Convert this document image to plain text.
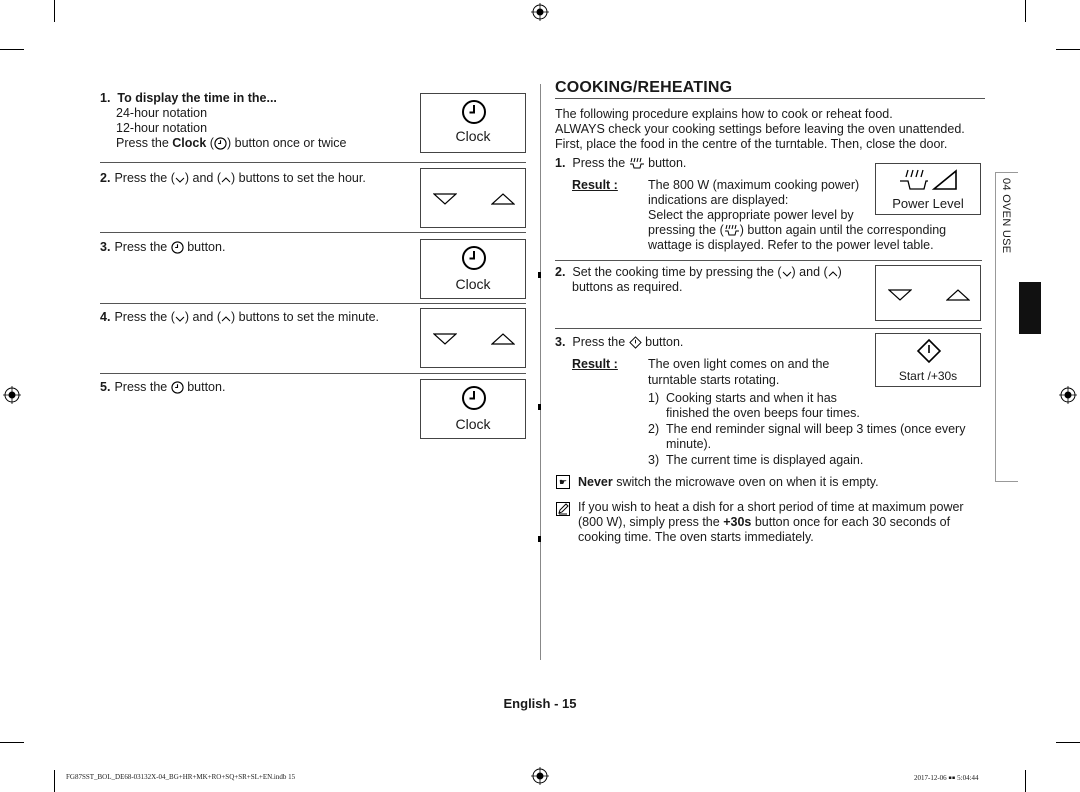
1. To display the time in the...
24-hour notation
12-hour notation
Press the Clock ( ) button once or twice	Clock
2. Press the ( ) and ( ) buttons to set the hour.
3. Press the  button.
Clock
4. Press the ( ) and ( ) buttons to set the minute.
5. Press the  button.
Clock
COOKING/REHEATING
The following procedure explains how to cook or reheat food.
ALWAYS check your cooking settings before leaving the oven unattended.
First, place the food in the centre of the turntable. Then, close the door.
1. Press the  button.
Result : The 800 W (maximum cooking power)
indications are displayed:
Select the appropriate power level by
pressing the ( ) button again until the corresponding
wattage is displayed. Refer to the power level table.
Power Level
2. Set the cooking time by pressing the ( ) and ( )
buttons as required.
3. Press the  button.
Result : The oven light comes on and the
turntable starts rotating.
1) Cooking starts and when it has
finished the oven beeps four times.
2) The end reminder signal will beep 3 times (once every
minute).
3) The current time is displayed again.
Start /+30s
☛ Never switch the microwave oven on when it is empty.
If you wish to heat a dish for a short period of time at maximum power
(800 W), simply press the +30s button once for each 30 seconds of
cooking time. The oven starts immediately.
04 OVEN USE
English - 15
FG87SST_BOL_DE68-03132X-04_BG+HR+MK+RO+SQ+SR+SL+EN.indb 15	2017-12-06 ￭￭ 5:04:44
